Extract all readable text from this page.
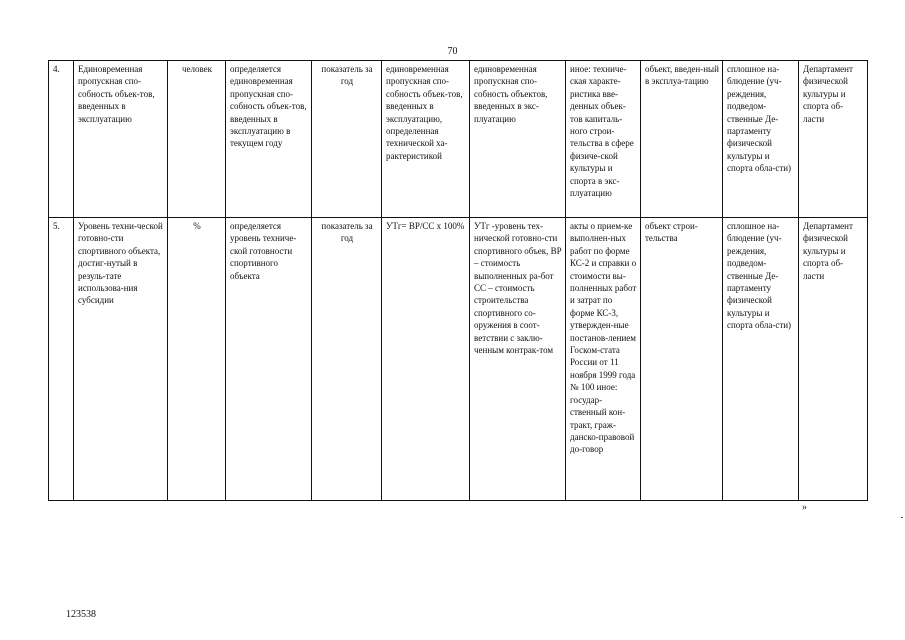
70
4.	Единовременная пропускная спо-собность объек-тов, введенных в эксплуатацию	человек	определяется единовременная пропускная спо-собность объек-тов, введенных в эксплуатацию в текущем году	показатель за год	единовременная пропускная спо-собность объек-тов, введенных в эксплуатацию, определенная технической ха-рактеристикой	единовременная пропускная спо-собность объектов, введенных в экс-плуатацию	иное: техниче-ская характе-ристика вве-денных объек-тов капиталь-ного строи-тельства в сфере физиче-ской культуры и спорта в экс-плуатацию	объект, введен-ный в эксплуа-тацию	сплошное на-блюдение (уч-реждения, подведом-ственные Де-партаменту физической культуры и спорта обла-сти)	Департамент физической культуры и спорта об-ласти
5.	Уровень техни-ческой готовно-сти спортивного объекта, достиг-нутый в резуль-тате использова-ния субсидии	%	определяется уровень техниче-ской готовности спортивного объекта	показатель за год	УТг= ВР/СС х 100%	УТг -уровень тех-нической готовно-сти спортивного объек, ВР – стоимость выполненных ра-бот СС – стоимость строительства спортивного со-оружения в соот-ветствии с заклю-ченным контрак-том	акты о прием-ке выполнен-ных работ по форме КС-2 и справки о стоимости вы-полненных работ и затрат по форме КС-3, утвержден-ные постанов-лением Госком-стата России от 11 ноября 1999 года № 100 иное: государ-ственный кон-тракт, граж-данско-правовой до-говор	объект строи-тельства	сплошное на-блюдение (уч-реждения, подведом-ственные Де-партаменту физической культуры и спорта обла-сти)	Департамент физической культуры и спорта об-ласти
»
123538
